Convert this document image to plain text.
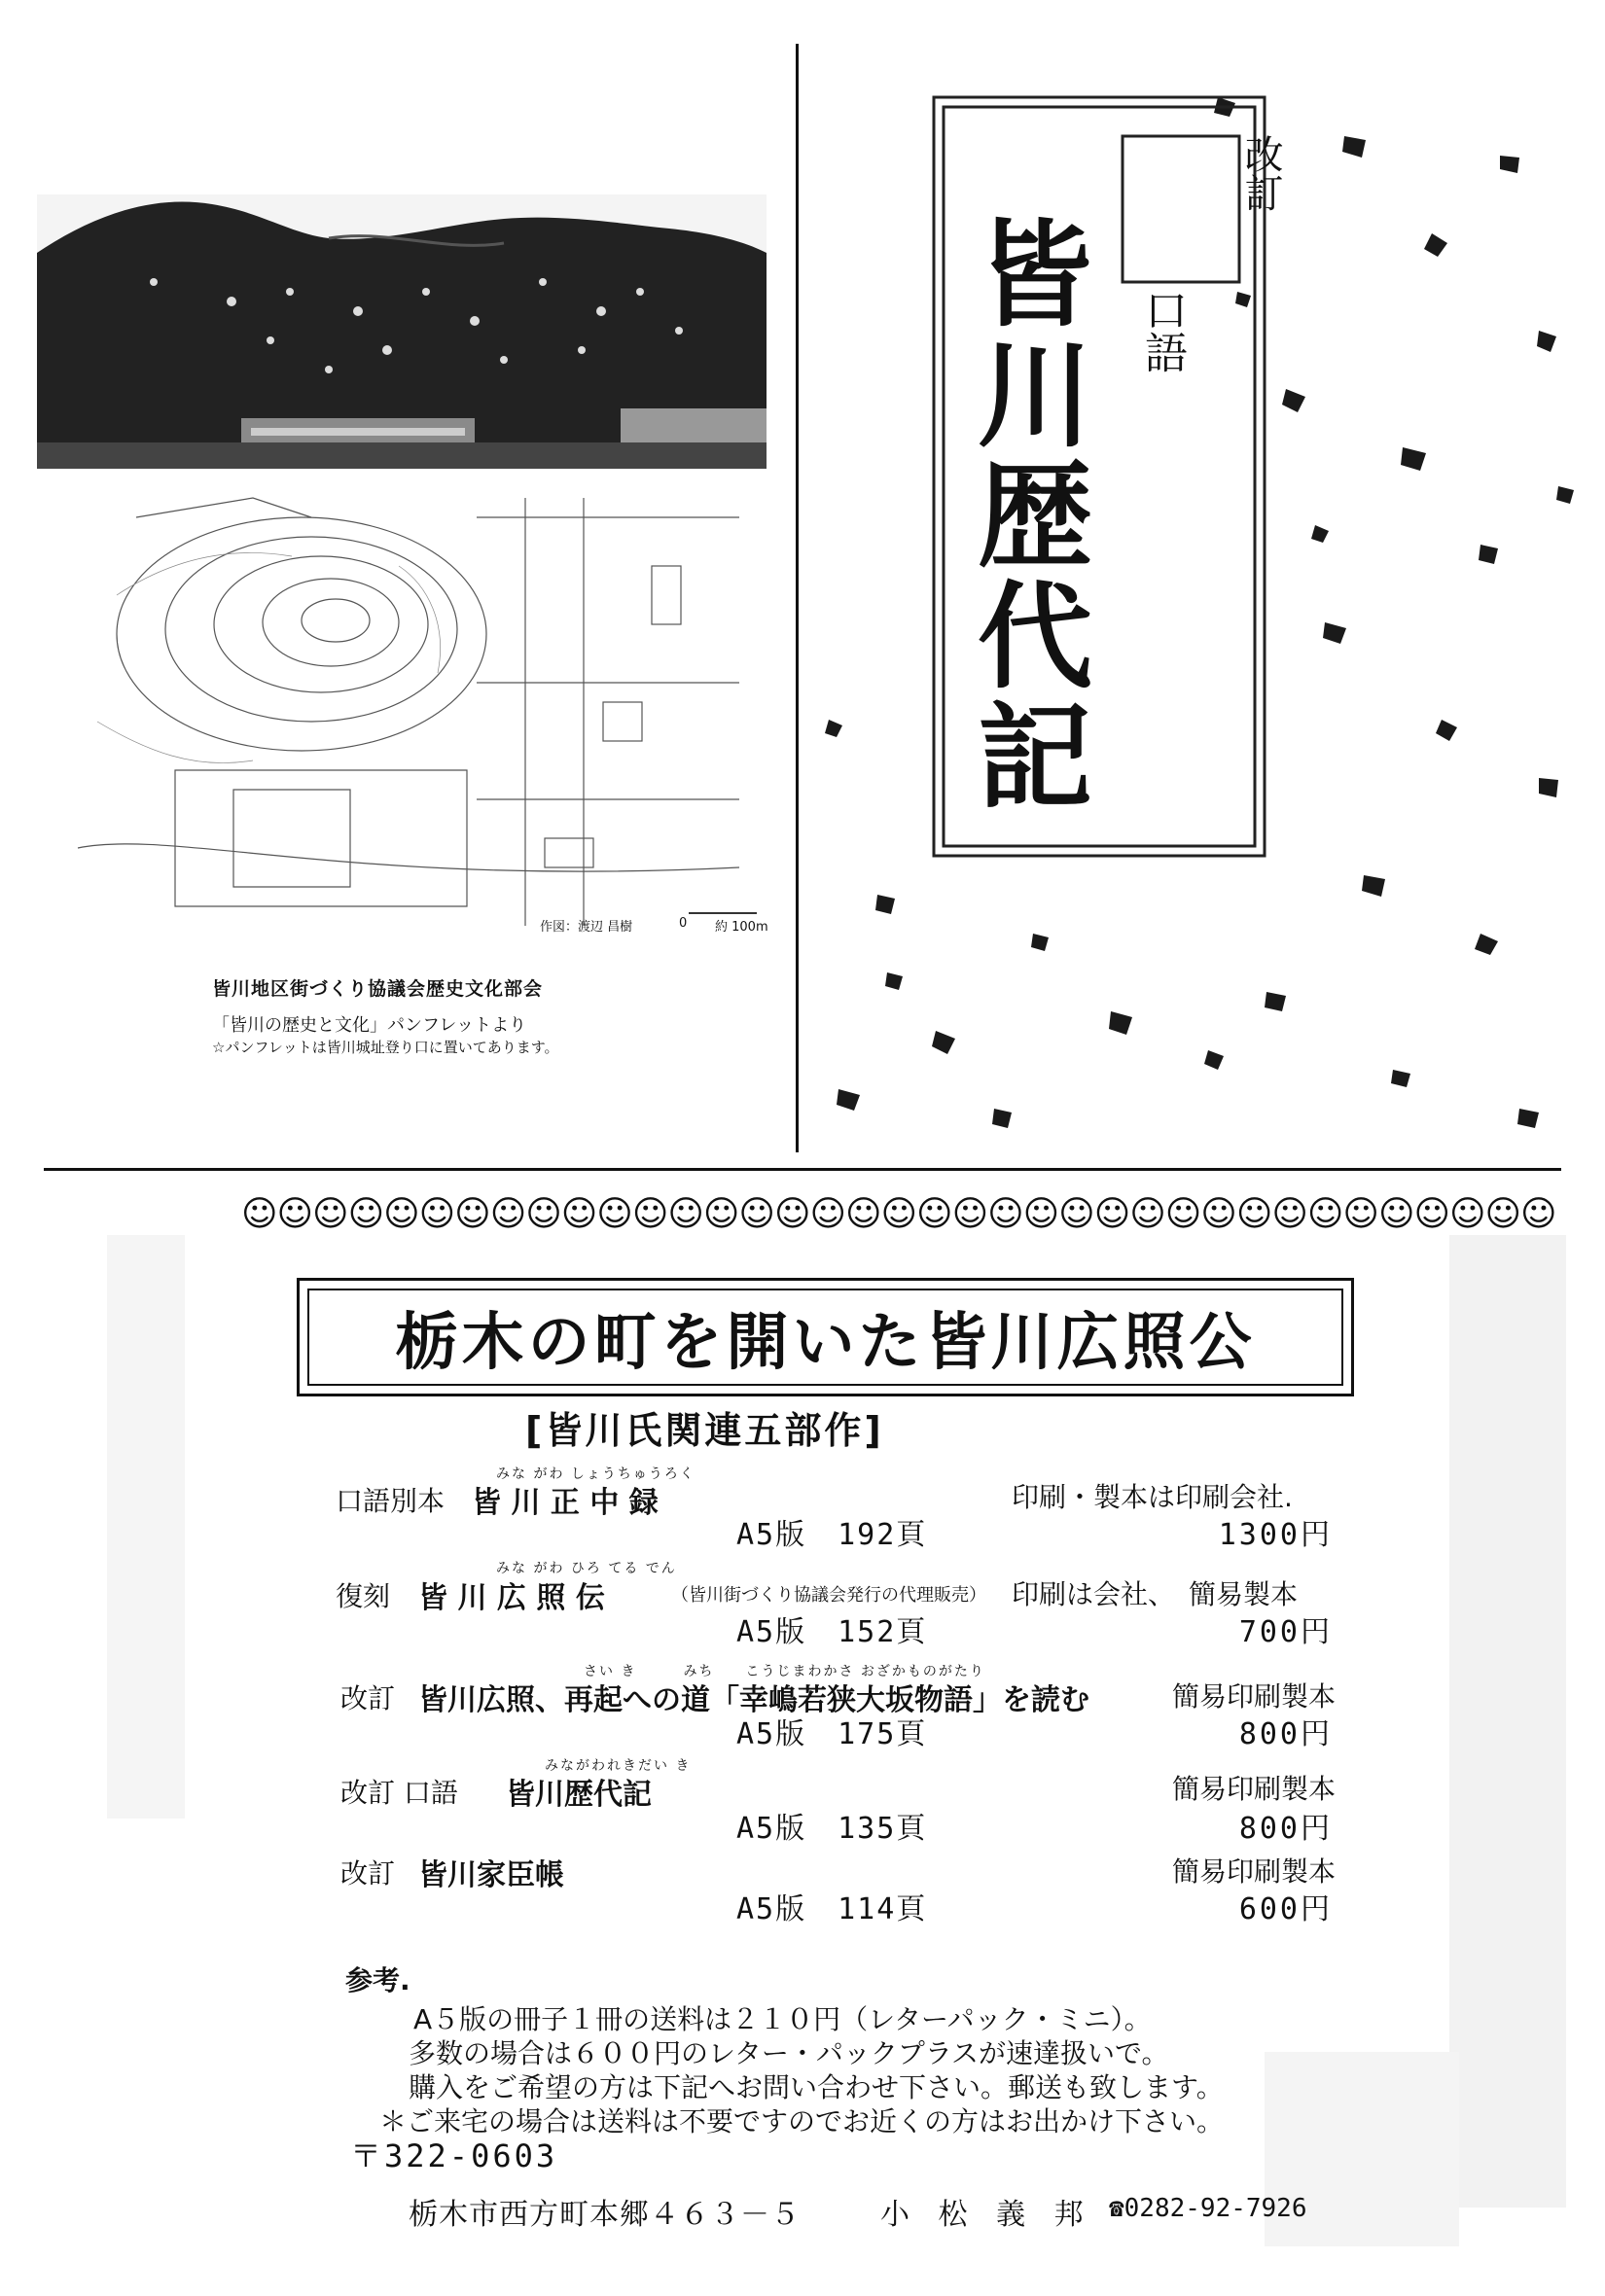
作図：渡辺 昌樹	0 約 100m
皆川地区街づくり協議会歴史文化部会
「皆川の歴史と文化」パンフレットより
☆パンフレットは皆川城址登り口に置いてあります。
改訂
口語
皆川歴代記
☺☺☺☺☺☺☺☺☺☺☺☺☺☺☺☺☺☺☺☺☺☺☺☺☺☺☺☺☺☺☺☺☺☺☺☺☺
栃木の町を開いた皆川広照公
[皆川氏関連五部作]
みな がわ しょうちゅうろく
口語別本 皆 川 正 中 録	印刷・製本は印刷会社.
A5版　192頁	1300円
みな がわ ひろ てる でん
復刻 皆 川 広 照 伝	（皆川街づくり協議会発行の代理販売） 印刷は会社、　簡易製本
A5版　152頁	700円
さい き　　　みち　　こうじまわかさ おざかものがたり
改訂 皆川広照、再起への道「幸嶋若狭大坂物語」を読む	簡易印刷製本
A5版　175頁	800円
みながわれきだい き
改訂 口語 皆川歴代記	簡易印刷製本
A5版　135頁	800円
改訂 皆川家臣帳	簡易印刷製本
A5版　114頁	600円
参考.
A５版の冊子１冊の送料は２１０円（レターパック・ミニ）。
多数の場合は６００円のレター・パックプラスが速達扱いで。
購入をご希望の方は下記へお問い合わせ下さい。郵送も致します。
＊ご来宅の場合は送料は不要ですのでお近くの方はお出かけ下さい。
〒322-0603
栃木市西方町本郷４６３－５	小 松 義 邦 ☎0282-92-7926
